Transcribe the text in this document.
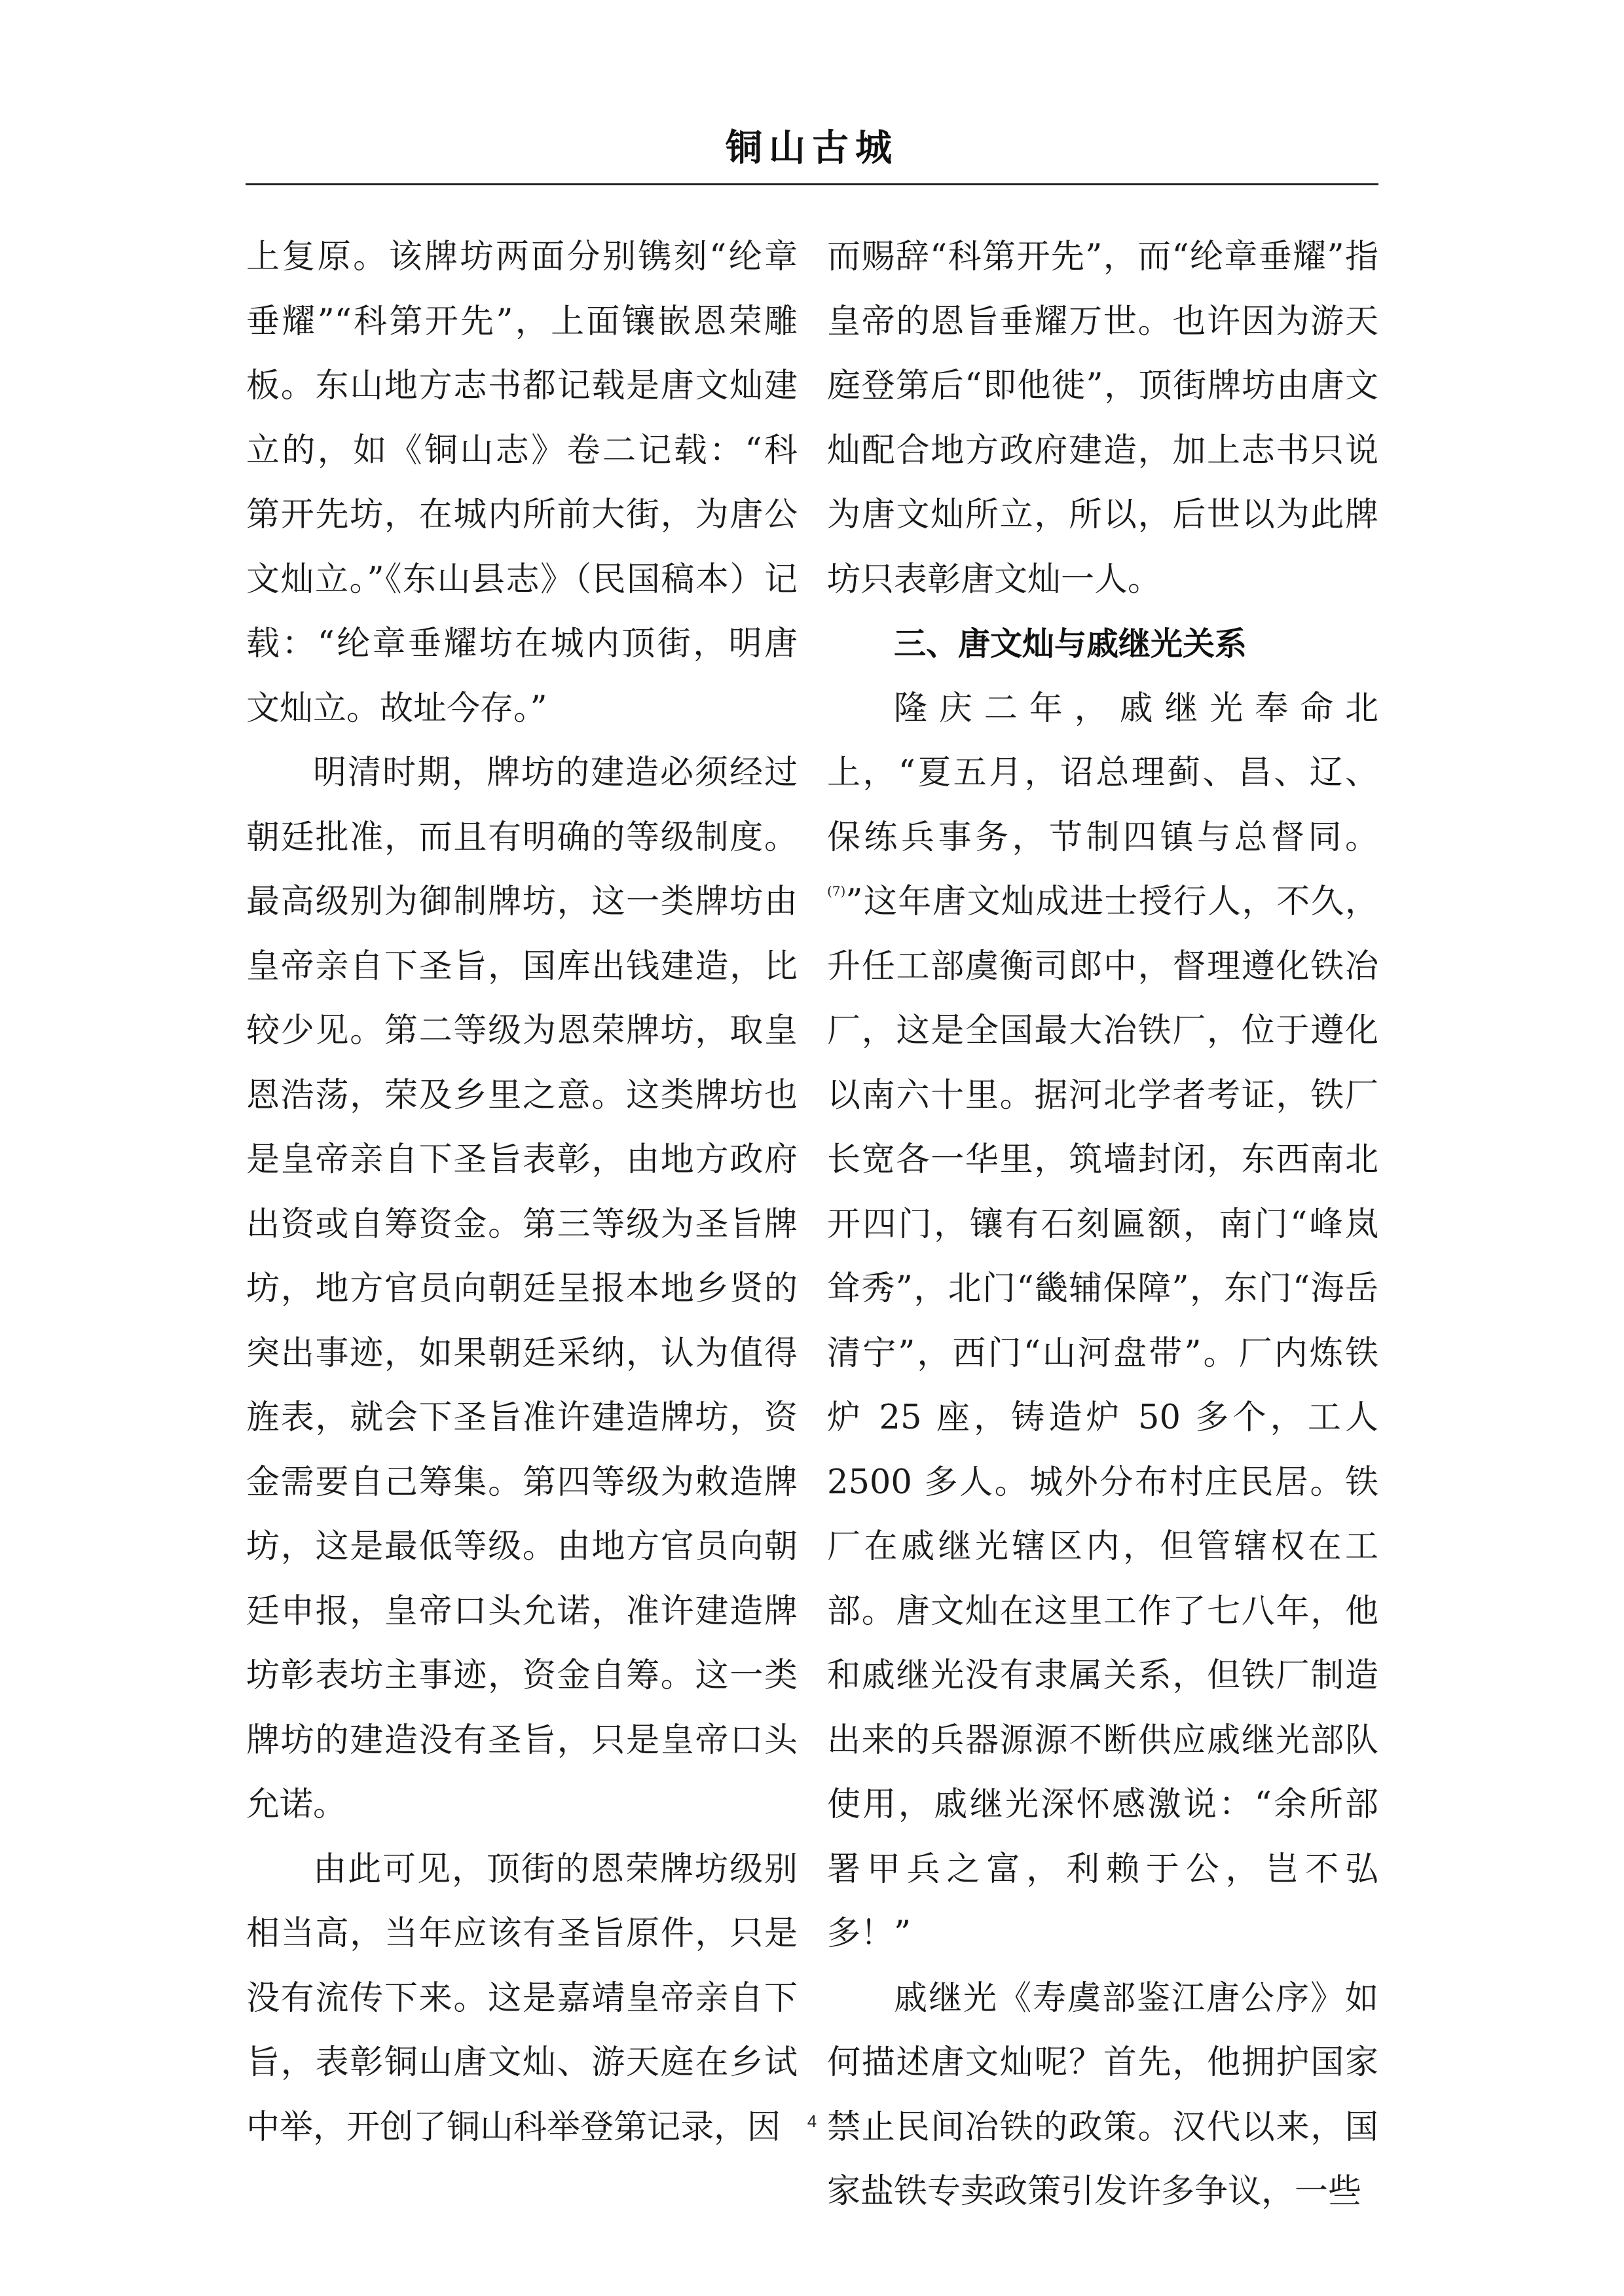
铜山古城

上复原。该牌坊两面分别镌刻“纶章垂耀”“科第开先”，上面镶嵌恩荣雕板。东山地方志书都记载是唐文灿建立的，如《铜山志》卷二记载：“科第开先坊，在城内所前大街，为唐公文灿立。”《东山县志》（民国稿本）记载：“纶章垂耀坊在城内顶街，明唐文灿立。故址今存。”

明清时期，牌坊的建造必须经过朝廷批准，而且有明确的等级制度。最高级别为御制牌坊，这一类牌坊由皇帝亲自下圣旨，国库出钱建造，比较少见。第二等级为恩荣牌坊，取皇恩浩荡，荣及乡里之意。这类牌坊也是皇帝亲自下圣旨表彰，由地方政府出资或自筹资金。第三等级为圣旨牌坊，地方官员向朝廷呈报本地乡贤的突出事迹，如果朝廷采纳，认为值得旌表，就会下圣旨准许建造牌坊，资金需要自己筹集。第四等级为敕造牌坊，这是最低等级。由地方官员向朝廷申报，皇帝口头允诺，准许建造牌坊彰表坊主事迹，资金自筹。这一类牌坊的建造没有圣旨，只是皇帝口头允诺。

由此可见，顶街的恩荣牌坊级别相当高，当年应该有圣旨原件，只是没有流传下来。这是嘉靖皇帝亲自下旨，表彰铜山唐文灿、游天庭在乡试中举，开创了铜山科举登第记录，因

而赐辞“科第开先”，而“纶章垂耀”指皇帝的恩旨垂耀万世。也许因为游天庭登第后“即他徙”，顶街牌坊由唐文灿配合地方政府建造，加上志书只说为唐文灿所立，所以，后世以为此牌坊只表彰唐文灿一人。

三、唐文灿与戚继光关系

隆庆二年，戚继光奉命北上，“夏五月，诏总理蓟、昌、辽、保练兵事务，节制四镇与总督同。$^{(7)}$”这年唐文灿成进士授行人，不久，升任工部虞衡司郎中，督理遵化铁冶厂，这是全国最大冶铁厂，位于遵化以南六十里。据河北学者考证，铁厂长宽各一华里，筑墙封闭，东西南北开四门，镶有石刻匾额，南门“峰岚耸秀”，北门“畿辅保障”，东门“海岳清宁”，西门“山河盘带”。厂内炼铁炉 25 座，铸造炉 50 多个，工人 2500 多人。城外分布村庄民居。铁厂在戚继光辖区内，但管辖权在工部。唐文灿在这里工作了七八年，他和戚继光没有隶属关系，但铁厂制造出来的兵器源源不断供应戚继光部队使用，戚继光深怀感激说：“余所部署甲兵之富，利赖于公，岂不弘多！”

戚继光《寿虞部鉴江唐公序》如何描述唐文灿呢？首先，他拥护国家禁止民间冶铁的政策。汉代以来，国家盐铁专卖政策引发许多争议，一些

4
